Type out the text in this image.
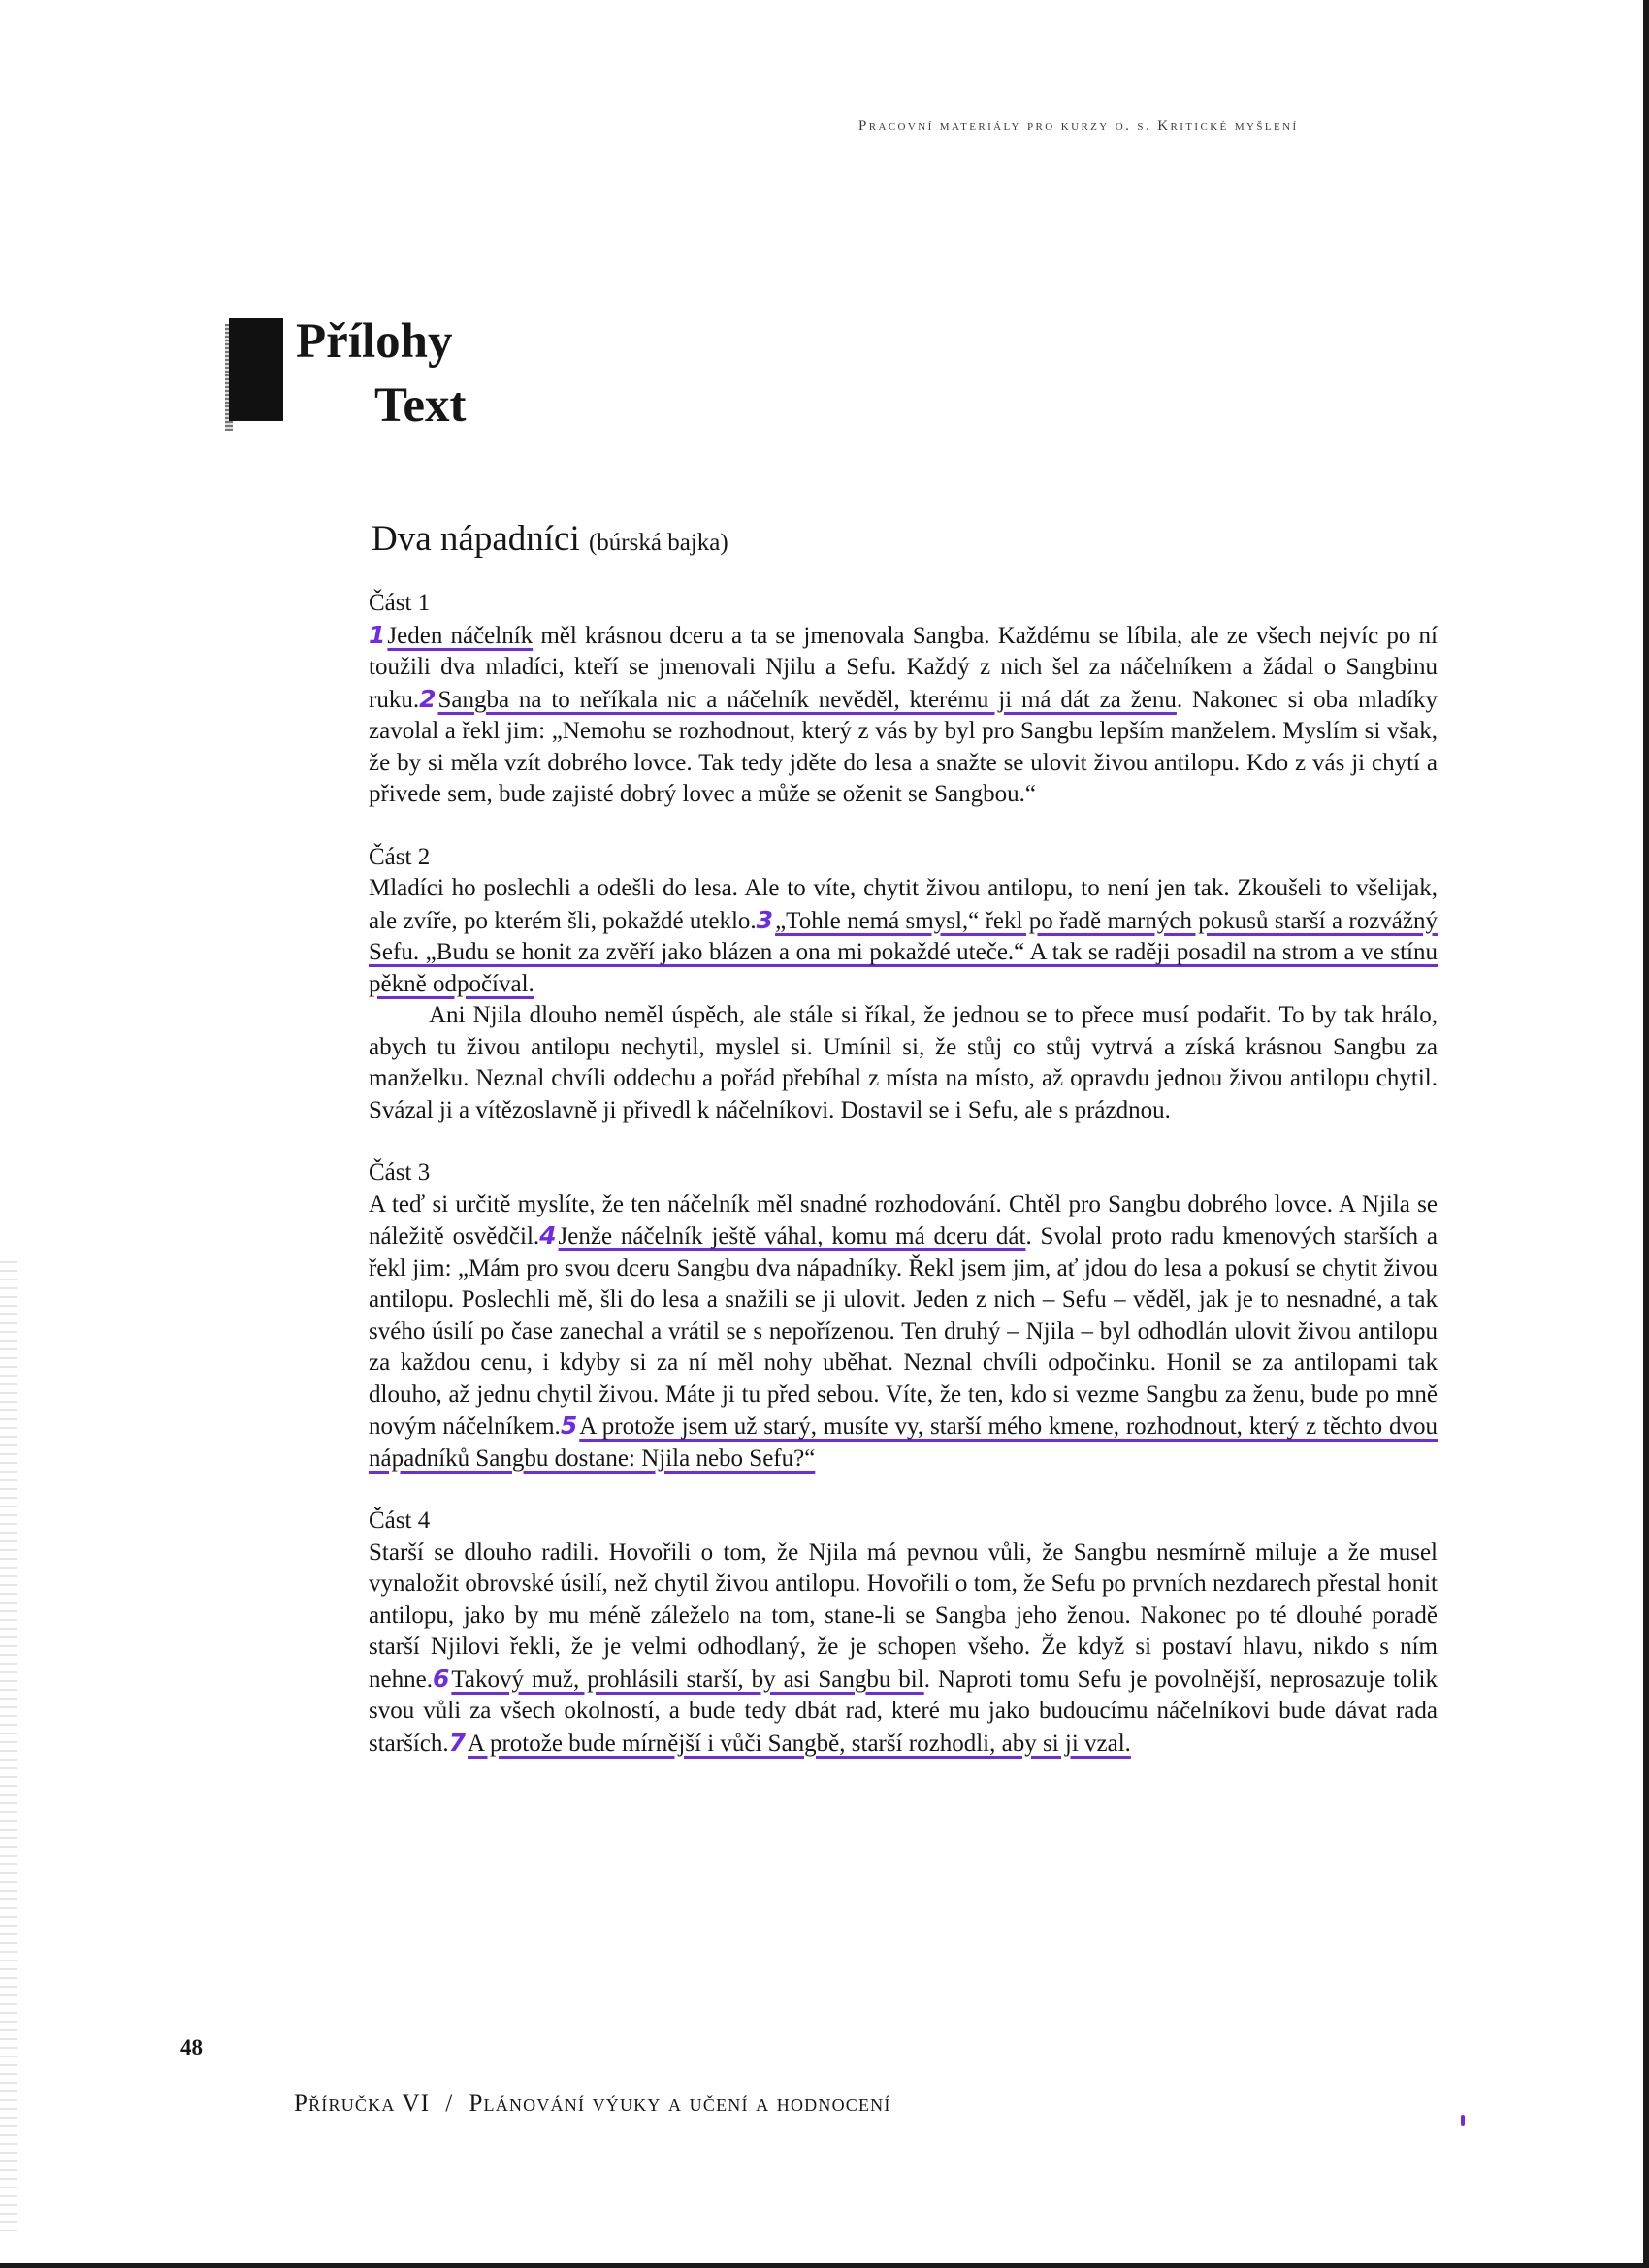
Pracovní materiály pro kurzy o. s. Kritické myšlení
Přílohy
Text
Dva nápadníci (búrská bajka)
Část 1

1Jeden náčelník měl krásnou dceru a ta se jmenovala Sangba. Každému se líbila, ale ze všech nejvíc po ní toužili dva mladíci, kteří se jmenovali Njilu a Sefu. Každý z nich šel za náčelníkem a žádal o Sangbinu ruku.2Sangba na to neříkala nic a náčelník nevěděl, kterému ji má dát za ženu. Nakonec si oba mladíky zavolal a řekl jim: „Nemohu se rozhodnout, který z vás by byl pro Sangbu lepším manželem. Myslím si však, že by si měla vzít dobrého lovce. Tak tedy jděte do lesa a snažte se ulovit živou antilopu. Kdo z vás ji chytí a přivede sem, bude zajisté dobrý lovec a může se oženit se Sangbou.“

Část 2

Mladíci ho poslechli a odešli do lesa. Ale to víte, chytit živou antilopu, to není jen tak. Zkoušeli to všelijak, ale zvíře, po kterém šli, pokaždé uteklo.3„Tohle nemá smysl,“ řekl po řadě marných pokusů starší a rozvážný Sefu. „Budu se honit za zvěří jako blázen a ona mi pokaždé uteče.“ A tak se raději posadil na strom a ve stínu pěkně odpočíval.
Ani Njila dlouho neměl úspěch, ale stále si říkal, že jednou se to přece musí podařit. To by tak hrálo, abych tu živou antilopu nechytil, myslel si. Umínil si, že stůj co stůj vytrvá a získá krásnou Sangbu za manželku. Neznal chvíli oddechu a pořád přebíhal z místa na místo, až opravdu jednou živou antilopu chytil. Svázal ji a vítězoslavně ji přivedl k náčelníkovi. Dostavil se i Sefu, ale s prázdnou.

Část 3

A teď si určitě myslíte, že ten náčelník měl snadné rozhodování. Chtěl pro Sangbu dobrého lovce. A Njila se náležitě osvědčil.4Jenže náčelník ještě váhal, komu má dceru dát. Svolal proto radu kmenových starších a řekl jim: „Mám pro svou dceru Sangbu dva nápadníky. Řekl jsem jim, ať jdou do lesa a pokusí se chytit živou antilopu. Poslechli mě, šli do lesa a snažili se ji ulovit. Jeden z nich – Sefu – věděl, jak je to nesnadné, a tak svého úsilí po čase zanechal a vrátil se s nepořízenou. Ten druhý – Njila – byl odhodlán ulovit živou antilopu za každou cenu, i kdyby si za ní měl nohy uběhat. Neznal chvíli odpočinku. Honil se za antilopami tak dlouho, až jednu chytil živou. Máte ji tu před sebou. Víte, že ten, kdo si vezme Sangbu za ženu, bude po mně novým náčelníkem.5A protože jsem už starý, musíte vy, starší mého kmene, rozhodnout, který z těchto dvou nápadníků Sangbu dostane: Njila nebo Sefu?“

Část 4

Starší se dlouho radili. Hovořili o tom, že Njila má pevnou vůli, že Sangbu nesmírně miluje a že musel vynaložit obrovské úsilí, než chytil živou antilopu. Hovořili o tom, že Sefu po prvních nezdarech přestal honit antilopu, jako by mu méně záleželo na tom, stane-li se Sangba jeho ženou. Nakonec po té dlouhé poradě starší Njilovi řekli, že je velmi odhodlaný, že je schopen všeho. Že když si postaví hlavu, nikdo s ním nehne.6Takový muž, prohlásili starší, by asi Sangbu bil. Naproti tomu Sefu je povolnější, neprosazuje tolik svou vůli za všech okolností, a bude tedy dbát rad, které mu jako budoucímu náčelníkovi bude dávat rada starších.7A protože bude mírnější i vůči Sangbě, starší rozhodli, aby si ji vzal.

48
Příručka VI / Plánování výuky a učení a hodnocení
